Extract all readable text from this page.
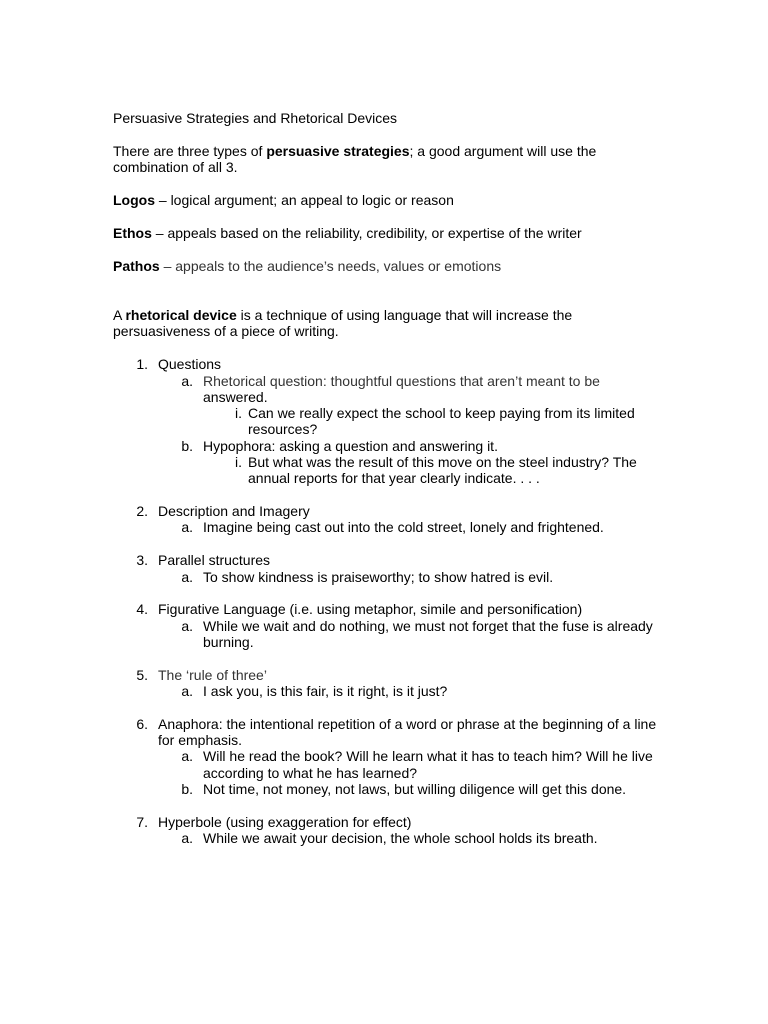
Persuasive Strategies and Rhetorical Devices
There are three types of persuasive strategies; a good argument will use the
combination of all 3.
Logos – logical argument; an appeal to logic or reason
Ethos – appeals based on the reliability, credibility, or expertise of the writer
Pathos – appeals to the audience’s needs, values or emotions
A rhetorical device is a technique of using language that will increase the
persuasiveness of a piece of writing.
1. Questions
a. Rhetorical question: thoughtful questions that aren’t meant to be
answered.
i. Can we really expect the school to keep paying from its limited
resources?
b. Hypophora: asking a question and answering it.
i. But what was the result of this move on the steel industry? The
annual reports for that year clearly indicate. . . .
2. Description and Imagery
a. Imagine being cast out into the cold street, lonely and frightened.
3. Parallel structures
a. To show kindness is praiseworthy; to show hatred is evil.
4. Figurative Language (i.e. using metaphor, simile and personification)
a. While we wait and do nothing, we must not forget that the fuse is already
burning.
5. The ‘rule of three’
a. I ask you, is this fair, is it right, is it just?
6. Anaphora: the intentional repetition of a word or phrase at the beginning of a line
for emphasis.
a. Will he read the book? Will he learn what it has to teach him? Will he live
according to what he has learned?
b. Not time, not money, not laws, but willing diligence will get this done.
7. Hyperbole (using exaggeration for effect)
a. While we await your decision, the whole school holds its breath.
